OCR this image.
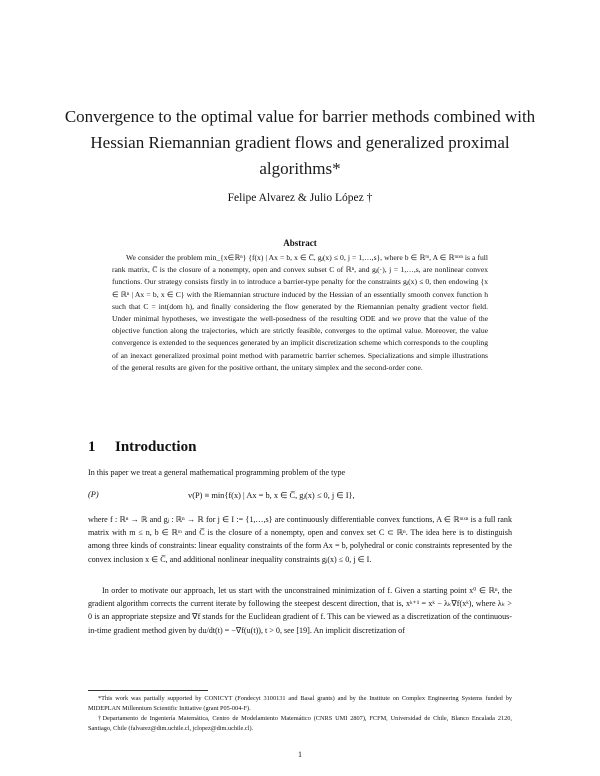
Convergence to the optimal value for barrier methods combined with Hessian Riemannian gradient flows and generalized proximal algorithms*
Felipe Alvarez & Julio López †
Abstract

We consider the problem min_{x∈ℝⁿ} {f(x) | Ax = b, x ∈ C̅, gⱼ(x) ≤ 0, j = 1,…,s}, where b ∈ ℝᵐ, A ∈ ℝᵐˣⁿ is a full rank matrix, C̅ is the closure of a nonempty, open and convex subset C of ℝⁿ, and gⱼ(·), j = 1,…,s, are nonlinear convex functions. Our strategy consists firstly in to introduce a barrier-type penalty for the constraints gⱼ(x) ≤ 0, then endowing {x ∈ ℝⁿ | Ax = b, x ∈ C} with the Riemannian structure induced by the Hessian of an essentially smooth convex function h such that C = int(dom h), and finally considering the flow generated by the Riemannian penalty gradient vector field. Under minimal hypotheses, we investigate the well-posedness of the resulting ODE and we prove that the value of the objective function along the trajectories, which are strictly feasible, converges to the optimal value. Moreover, the value convergence is extended to the sequences generated by an implicit discretization scheme which corresponds to the coupling of an inexact generalized proximal point method with parametric barrier schemes. Specializations and simple illustrations of the general results are given for the positive orthant, the unitary simplex and the second-order cone.

1 Introduction

In this paper we treat a general mathematical programming problem of the type

(P)	v(P) ≡ min{f(x) | Ax = b, x ∈ C̅, gⱼ(x) ≤ 0, j ∈ I},

where f : ℝⁿ → ℝ and gⱼ : ℝⁿ → ℝ for j ∈ I := {1,…,s} are continuously differentiable convex functions, A ∈ ℝᵐˣⁿ is a full rank matrix with m ≤ n, b ∈ ℝᵐ and C̅ is the closure of a nonempty, open and convex set C ⊂ ℝⁿ. The idea here is to distinguish among three kinds of constraints: linear equality constraints of the form Ax = b, polyhedral or conic constraints represented by the convex inclusion x ∈ C̅, and additional nonlinear inequality constraints gⱼ(x) ≤ 0, j ∈ I.

In order to motivate our approach, let us start with the unconstrained minimization of f. Given a starting point x⁰ ∈ ℝⁿ, the gradient algorithm corrects the current iterate by following the steepest descent direction, that is, xᵏ⁺¹ = xᵏ − λₖ∇f(xᵏ), where λₖ > 0 is an appropriate stepsize and ∇f stands for the Euclidean gradient of f. This can be viewed as a discretization of the continuous-in-time gradient method given by du/dt(t) = −∇f(u(t)), t > 0, see [19]. An implicit discretization of

*This work was partially supported by CONICYT (Fondecyt 3100131 and Basal grants) and by the Institute on Complex Engineering Systems funded by MIDEPLAN Millennium Scientific Initiative (grant P05-004-F).

†Departamento de Ingeniería Matemática, Centro de Modelamiento Matemático (CNRS UMI 2807), FCFM, Universidad de Chile, Blanco Encalada 2120, Santiago, Chile (falvarez@dim.uchile.cl, jclopez@dim.uchile.cl).

1
